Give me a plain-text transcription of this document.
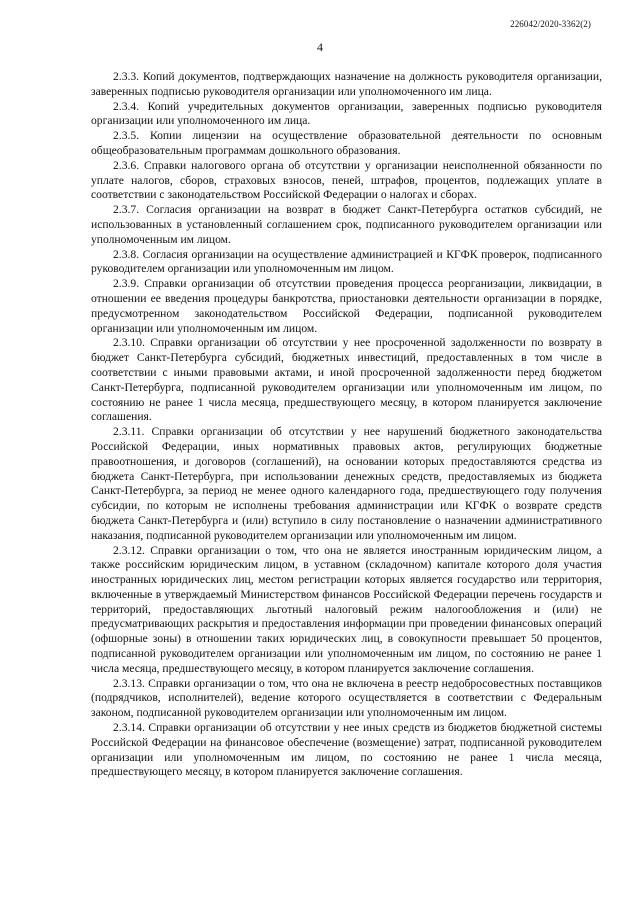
226042/2020-3362(2)
4

2.3.3. Копий документов, подтверждающих назначение на должность руководителя организации, заверенных подписью руководителя организации или уполномоченного им лица.

2.3.4. Копий учредительных документов организации, заверенных подписью руководителя организации или уполномоченного им лица.

2.3.5. Копии лицензии на осуществление образовательной деятельности по основным общеобразовательным программам дошкольного образования.

2.3.6. Справки налогового органа об отсутствии у организации неисполненной обязанности по уплате налогов, сборов, страховых взносов, пеней, штрафов, процентов, подлежащих уплате в соответствии с законодательством Российской Федерации о налогах и сборах.

2.3.7. Согласия организации на возврат в бюджет Санкт-Петербурга остатков субсидий, не использованных в установленный соглашением срок, подписанного руководителем организации или уполномоченным им лицом.

2.3.8. Согласия организации на осуществление администрацией и КГФК проверок, подписанного руководителем организации или уполномоченным им лицом.

2.3.9. Справки организации об отсутствии проведения процесса реорганизации, ликвидации, в отношении ее введения процедуры банкротства, приостановки деятельности организации в порядке, предусмотренном законодательством Российской Федерации, подписанной руководителем организации или уполномоченным им лицом.

2.3.10. Справки организации об отсутствии у нее просроченной задолженности по возврату в бюджет Санкт-Петербурга субсидий, бюджетных инвестиций, предоставленных в том числе в соответствии с иными правовыми актами, и иной просроченной задолженности перед бюджетом Санкт-Петербурга, подписанной руководителем организации или уполномоченным им лицом, по состоянию не ранее 1 числа месяца, предшествующего месяцу, в котором планируется заключение соглашения.

2.3.11. Справки организации об отсутствии у нее нарушений бюджетного законодательства Российской Федерации, иных нормативных правовых актов, регулирующих бюджетные правоотношения, и договоров (соглашений), на основании которых предоставляются средства из бюджета Санкт-Петербурга, при использовании денежных средств, предоставляемых из бюджета Санкт-Петербурга, за период не менее одного календарного года, предшествующего году получения субсидии, по которым не исполнены требования администрации или КГФК о возврате средств бюджета Санкт-Петербурга и (или) вступило в силу постановление о назначении административного наказания, подписанной руководителем организации или уполномоченным им лицом.

2.3.12. Справки организации о том, что она не является иностранным юридическим лицом, а также российским юридическим лицом, в уставном (складочном) капитале которого доля участия иностранных юридических лиц, местом регистрации которых является государство или территория, включенные в утверждаемый Министерством финансов Российской Федерации перечень государств и территорий, предоставляющих льготный налоговый режим налогообложения и (или) не предусматривающих раскрытия и предоставления информации при проведении финансовых операций (офшорные зоны) в отношении таких юридических лиц, в совокупности превышает 50 процентов, подписанной руководителем организации или уполномоченным им лицом, по состоянию не ранее 1 числа месяца, предшествующего месяцу, в котором планируется заключение соглашения.

2.3.13. Справки организации о том, что она не включена в реестр недобросовестных поставщиков (подрядчиков, исполнителей), ведение которого осуществляется в соответствии с Федеральным законом, подписанной руководителем организации или уполномоченным им лицом.

2.3.14. Справки организации об отсутствии у нее иных средств из бюджетов бюджетной системы Российской Федерации на финансовое обеспечение (возмещение) затрат, подписанной руководителем организации или уполномоченным им лицом, по состоянию не ранее 1 числа месяца, предшествующего месяцу, в котором планируется заключение соглашения.
